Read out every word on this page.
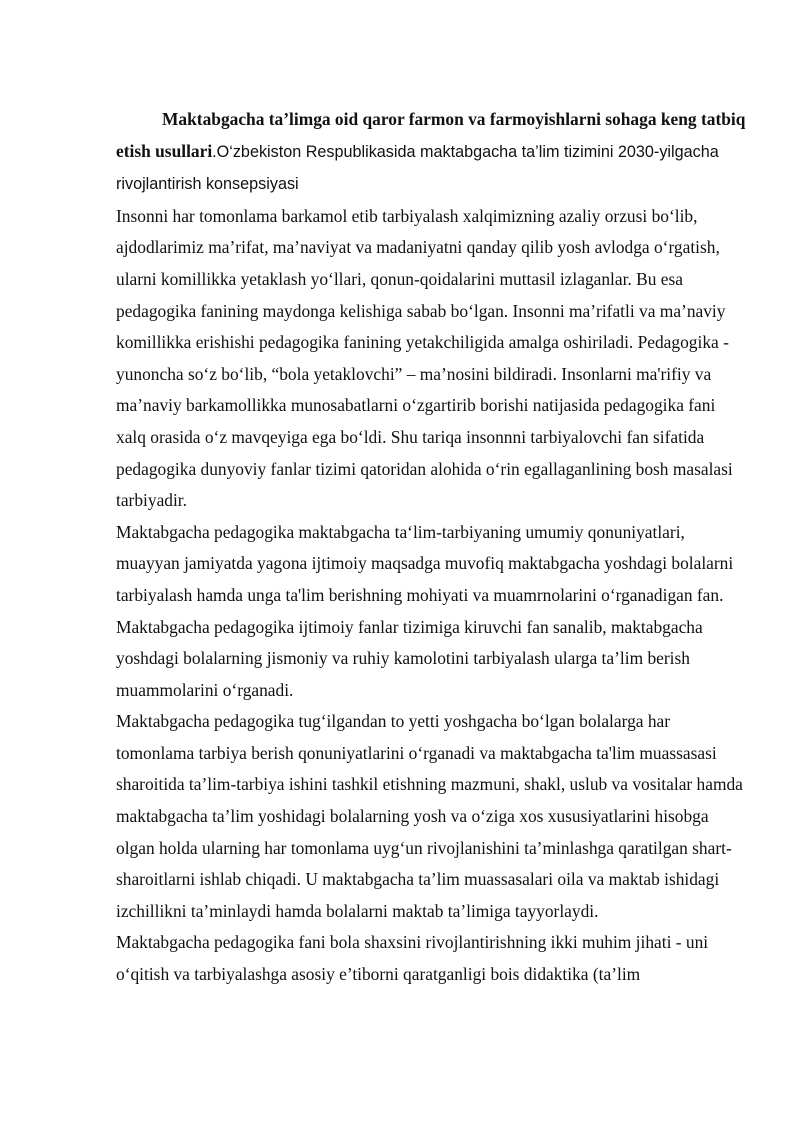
Maktabgacha ta’limga oid qaror farmon va farmoyishlarni sohaga keng tatbiq etish usullari.O‘zbekiston Respublikasida maktabgacha ta’lim tizimini 2030-yilgacha rivojlantirish konsepsiyasi

Insonni har tomonlama barkamol etib tarbiyalash xalqimizning azaliy orzusi bo‘lib, ajdodlarimiz ma’rifat, ma’naviyat va madaniyatni qanday qilib yosh avlodga o‘rgatish, ularni komillikka yetaklash yo‘llari, qonun-qoidalarini muttasil izlaganlar. Bu esa pedagogika fanining maydonga kelishiga sabab bo‘lgan. Insonni ma’rifatli va ma’naviy komillikka erishishi pedagogika fanining yetakchiligida amalga oshiriladi. Pedagogika - yunoncha so‘z bo‘lib, “bola yetaklovchi” – ma’nosini bildiradi. Insonlarni ma'rifiy va ma’naviy barkamollikka munosabatlarni o‘zgartirib borishi natijasida pedagogika fani xalq orasida o‘z mavqeyiga ega bo‘ldi. Shu tariqa insonnni tarbiyalovchi fan sifatida pedagogika dunyoviy fanlar tizimi qatoridan alohida o‘rin egallaganlining bosh masalasi tarbiyadir.

Maktabgacha pedagogika maktabgacha ta‘lim-tarbiyaning umumiy qonuniyatlari, muayyan jamiyatda yagona ijtimoiy maqsadga muvofiq maktabgacha yoshdagi bolalarni tarbiyalash hamda unga ta'lim berishning mohiyati va muamrnolarini o‘rganadigan fan. Maktabgacha pedagogika ijtimoiy fanlar tizimiga kiruvchi fan sanalib, maktabgacha yoshdagi bolalarning jismoniy va ruhiy kamolotini tarbiyalash ularga ta’lim berish muammolarini o‘rganadi.

Maktabgacha pedagogika tug‘ilgandan to yetti yoshgacha bo‘lgan bolalarga har tomonlama tarbiya berish qonuniyatlarini o‘rganadi va maktabgacha ta'lim muassasasi sharoitida ta’lim-tarbiya ishini tashkil etishning mazmuni, shakl, uslub va vositalar hamda maktabgacha ta’lim yoshidagi bolalarning yosh va o‘ziga xos xususiyatlarini hisobga olgan holda ularning har tomonlama uyg‘un rivojlanishini ta’minlashga qaratilgan shart-sharoitlarni ishlab chiqadi. U maktabgacha ta’lim muassasalari oila va maktab ishidagi izchillikni ta’minlaydi hamda bolalarni maktab ta’limiga tayyorlaydi.

Maktabgacha pedagogika fani bola shaxsini rivojlantirishning ikki muhim jihati - uni o‘qitish va tarbiyalashga asosiy e’tiborni qaratganligi bois didaktika (ta’lim
